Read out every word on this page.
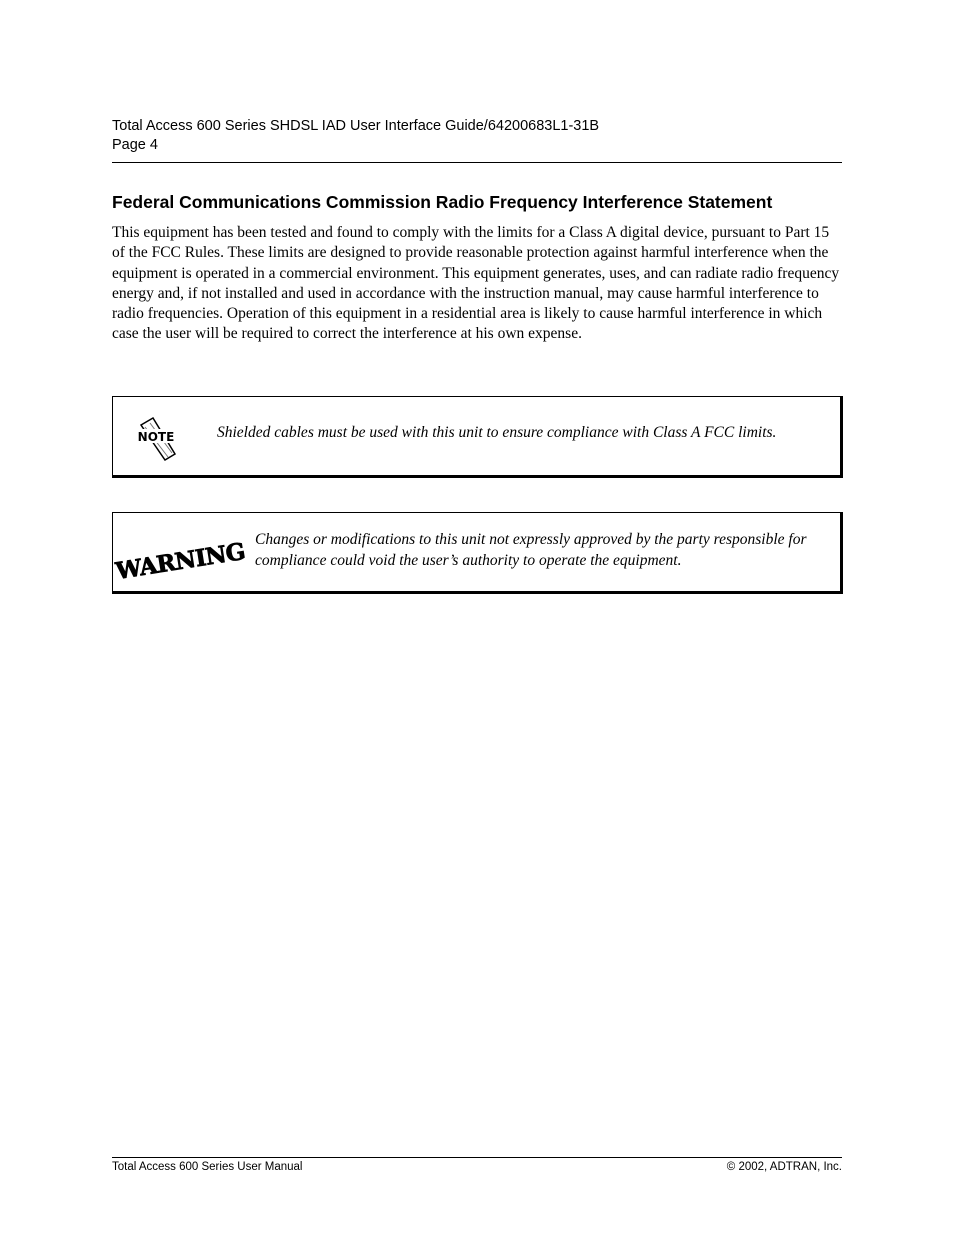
Total Access 600 Series SHDSL IAD User Interface Guide/64200683L1-31B
Page 4
Federal Communications Commission Radio Frequency Interference Statement

This equipment has been tested and found to comply with the limits for a Class A digital device, pursuant to Part 15 of the FCC Rules. These limits are designed to provide reasonable protection against harmful interference when the equipment is operated in a commercial environment. This equipment generates, uses, and can radiate radio frequency energy and, if not installed and used in accordance with the instruction manual, may cause harmful interference to radio frequencies. Operation of this equipment in a residential area is likely to cause harmful interference in which case the user will be required to correct the interference at his own expense.

NOTE	Shielded cables must be used with this unit to ensure compliance with Class A FCC limits.
WARNING Changes or modifications to this unit not expressly approved by the party responsible for compliance could void the user’s authority to operate the equipment.
Total Access 600 Series User Manual	© 2002, ADTRAN, Inc.
